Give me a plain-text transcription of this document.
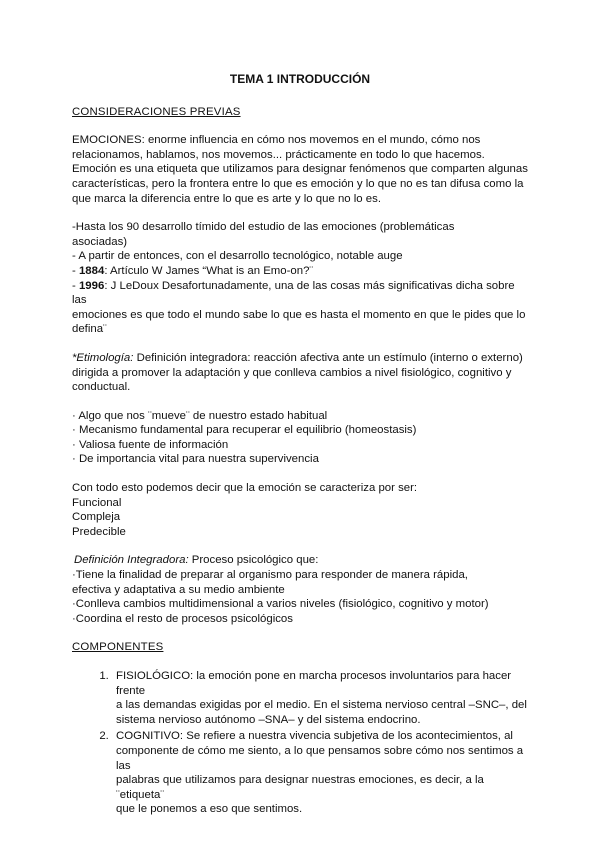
TEMA 1 INTRODUCCIÓN
CONSIDERACIONES PREVIAS

EMOCIONES: enorme influencia en cómo nos movemos en el mundo, cómo nos
relacionamos, hablamos, nos movemos... prácticamente en todo lo que hacemos.
Emoción es una etiqueta que utilizamos para designar fenómenos que comparten algunas
características, pero la frontera entre lo que es emoción y lo que no es tan difusa como la
que marca la diferencia entre lo que es arte y lo que no lo es.

-Hasta los 90 desarrollo tímido del estudio de las emociones (problemáticas
asociadas)
- A partir de entonces, con el desarrollo tecnológico, notable auge
- 1884: Artículo W James “What is an Emo-on?¨
- 1996: J LeDoux Desafortunadamente, una de las cosas más significativas dicha sobre las
emociones es que todo el mundo sabe lo que es hasta el momento en que le pides que lo
defina¨

*Etimología: Definición integradora: reacción afectiva ante un estímulo (interno o externo)
dirigida a promover la adaptación y que conlleva cambios a nivel fisiológico, cognitivo y
conductual.

· Algo que nos ¨mueve¨ de nuestro estado habitual
· Mecanismo fundamental para recuperar el equilibrio (homeostasis)
· Valiosa fuente de información
· De importancia vital para nuestra supervivencia

Con todo esto podemos decir que la emoción se caracteriza por ser:
Funcional
Compleja
Predecible

Definición Integradora: Proceso psicológico que:
·Tiene la finalidad de preparar al organismo para responder de manera rápida,
efectiva y adaptativa a su medio ambiente
·Conlleva cambios multidimensional a varios niveles (fisiológico, cognitivo y motor)
·Coordina el resto de procesos psicológicos

COMPONENTES
1. FISIOLÓGICO: la emoción pone en marcha procesos involuntarios para hacer frente
a las demandas exigidas por el medio. En el sistema nervioso central –SNC–, del
sistema nervioso autónomo –SNA– y del sistema endocrino.
2. COGNITIVO: Se refiere a nuestra vivencia subjetiva de los acontecimientos, al
componente de cómo me siento, a lo que pensamos sobre cómo nos sentimos a las
palabras que utilizamos para designar nuestras emociones, es decir, a la ¨etiqueta¨
que le ponemos a eso que sentimos.
